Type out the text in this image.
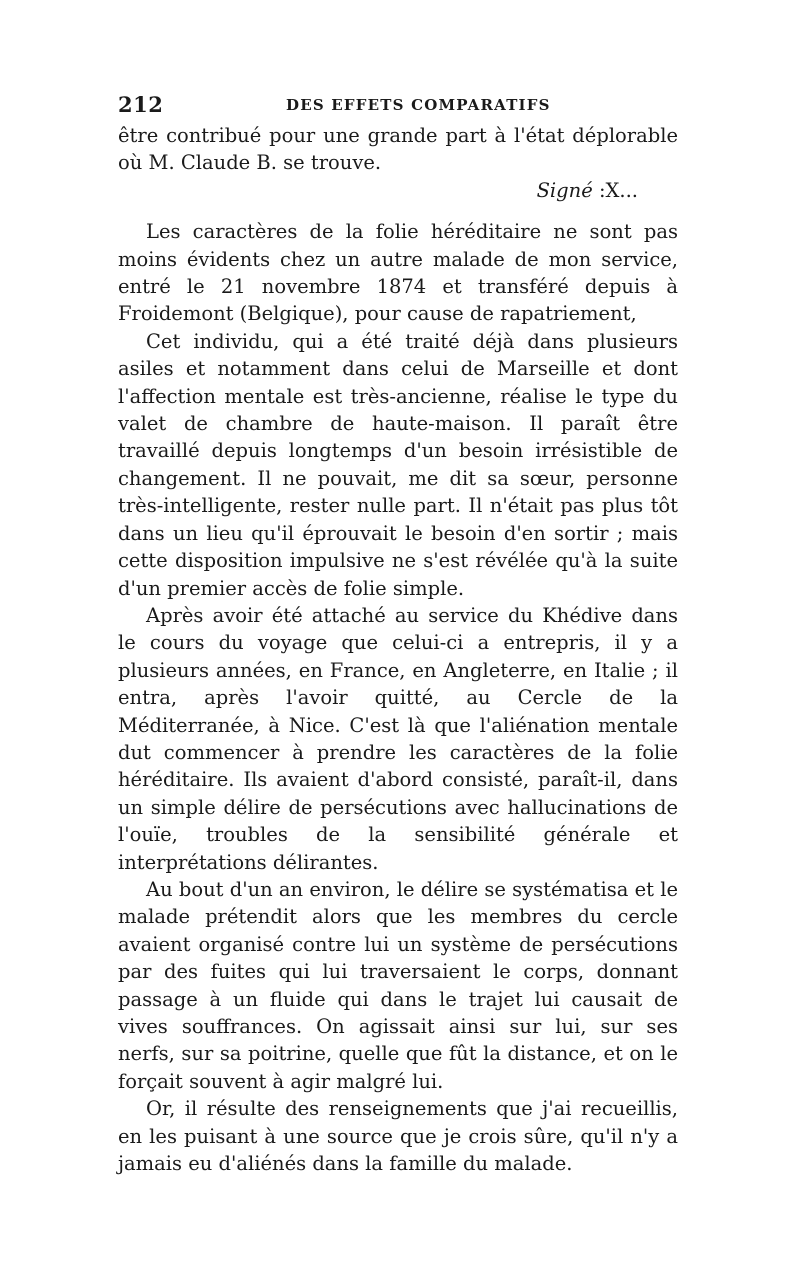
212	DES EFFETS COMPARATIFS

être contribué pour une grande part à l'état déplorable où M. Claude B. se trouve.

Signé :X...

Les caractères de la folie héréditaire ne sont pas moins évidents chez un autre malade de mon service, entré le 21 novembre 1874 et transféré depuis à Froidemont (Belgique), pour cause de rapatriement,

Cet individu, qui a été traité déjà dans plusieurs asiles et notamment dans celui de Marseille et dont l'affection mentale est très-ancienne, réalise le type du valet de chambre de haute-maison. Il paraît être travaillé depuis longtemps d'un besoin irrésistible de changement. Il ne pouvait, me dit sa sœur, personne très-intelligente, rester nulle part. Il n'était pas plus tôt dans un lieu qu'il éprouvait le besoin d'en sortir ; mais cette disposition impulsive ne s'est révélée qu'à la suite d'un premier accès de folie simple.

Après avoir été attaché au service du Khédive dans le cours du voyage que celui-ci a entrepris, il y a plusieurs années, en France, en Angleterre, en Italie ; il entra, après l'avoir quitté, au Cercle de la Méditerranée, à Nice. C'est là que l'aliénation mentale dut commencer à prendre les caractères de la folie héréditaire. Ils avaient d'abord consisté, paraît-il, dans un simple délire de persécutions avec hallucinations de l'ouïe, troubles de la sensibilité générale et interprétations délirantes.

Au bout d'un an environ, le délire se systématisa et le malade prétendit alors que les membres du cercle avaient organisé contre lui un système de persécutions par des fuites qui lui traversaient le corps, donnant passage à un fluide qui dans le trajet lui causait de vives souffrances. On agissait ainsi sur lui, sur ses nerfs, sur sa poitrine, quelle que fût la distance, et on le forçait souvent à agir malgré lui.

Or, il résulte des renseignements que j'ai recueillis, en les puisant à une source que je crois sûre, qu'il n'y a jamais eu d'aliénés dans la famille du malade.
